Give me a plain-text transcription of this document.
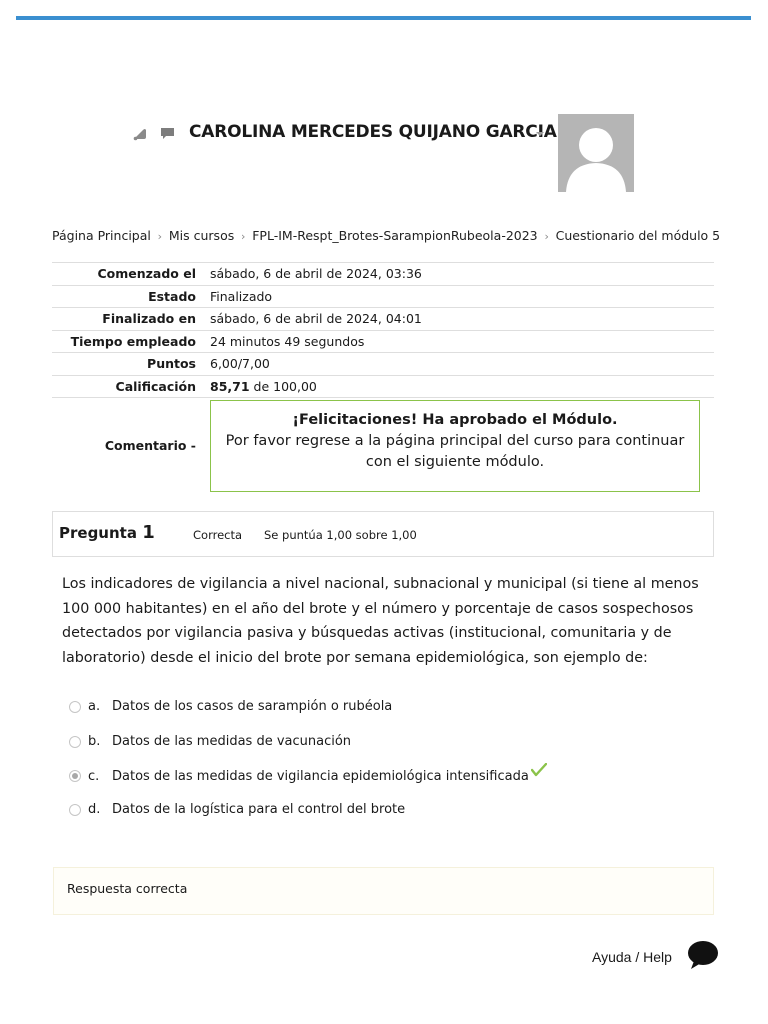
CAROLINA MERCEDES QUIJANO GARCIA
Página Principal › Mis cursos › FPL-IM-Respt_Brotes-SarampionRubeola-2023 › Cuestionario del módulo 5
Comenzado el	sábado, 6 de abril de 2024, 03:36
Estado	Finalizado
Finalizado en	sábado, 6 de abril de 2024, 04:01
Tiempo empleado	24 minutos 49 segundos
Puntos	6,00/7,00
Calificación	85,71 de 100,00
Comentario -	¡Felicitaciones! Ha aprobado el Módulo.
Por favor regrese a la página principal del curso para continuar con el siguiente módulo.
Pregunta 1	Correcta Se puntúa 1,00 sobre 1,00
Los indicadores de vigilancia a nivel nacional, subnacional y municipal (si tiene al menos 100 000 habitantes) en el año del brote y el número y porcentaje de casos sospechosos detectados por vigilancia pasiva y búsquedas activas (institucional, comunitaria y de laboratorio) desde el inicio del brote por semana epidemiológica, son ejemplo de:
a. Datos de los casos de sarampión o rubéola
b. Datos de las medidas de vacunación
c. Datos de las medidas de vigilancia epidemiológica intensificada
d. Datos de la logística para el control del brote
Respuesta correcta
Ayuda / Help
